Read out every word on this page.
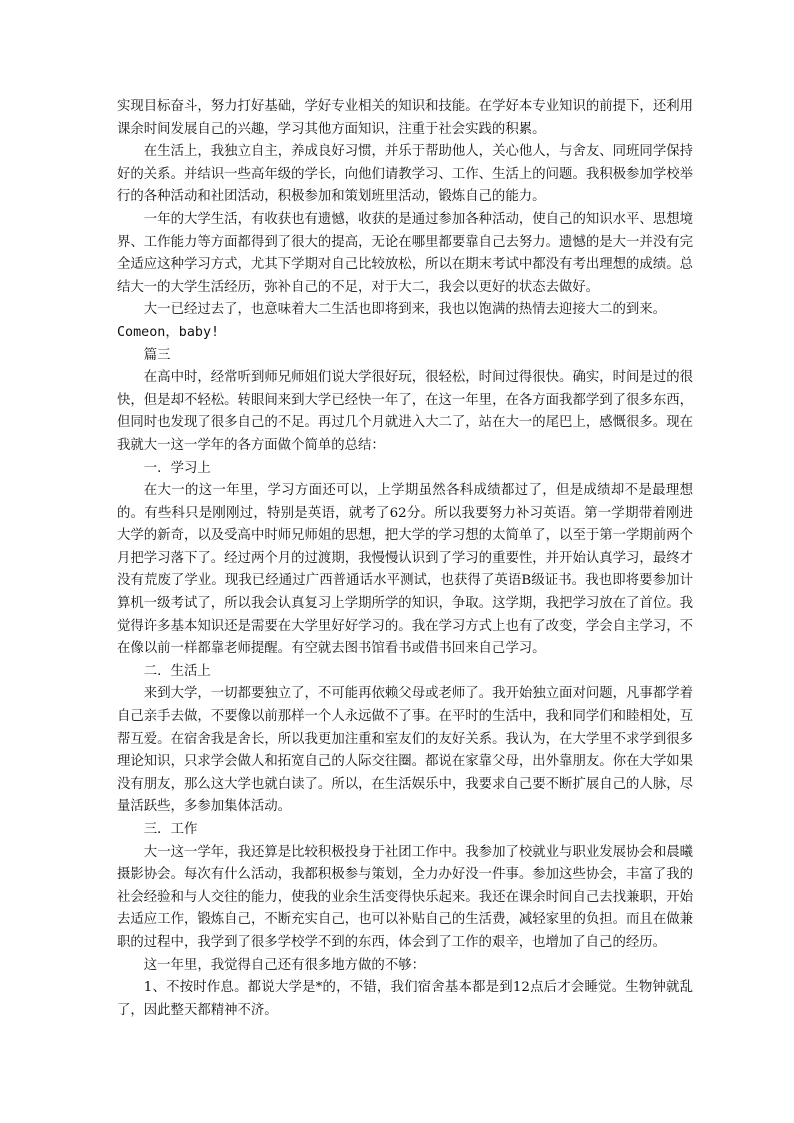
实现目标奋斗，努力打好基础，学好专业相关的知识和技能。在学好本专业知识的前提下，还利用课余时间发展自己的兴趣，学习其他方面知识，注重于社会实践的积累。

在生活上，我独立自主，养成良好习惯，并乐于帮助他人，关心他人，与舍友、同班同学保持好的关系。并结识一些高年级的学长，向他们请教学习、工作、生活上的问题。我积极参加学校举行的各种活动和社团活动，积极参加和策划班里活动，锻炼自己的能力。

一年的大学生活，有收获也有遗憾，收获的是通过参加各种活动，使自己的知识水平、思想境界、工作能力等方面都得到了很大的提高，无论在哪里都要靠自己去努力。遗憾的是大一并没有完全适应这种学习方式，尤其下学期对自己比较放松，所以在期末考试中都没有考出理想的成绩。总结大一的大学生活经历，弥补自己的不足，对于大二，我会以更好的状态去做好。

大一已经过去了，也意味着大二生活也即将到来，我也以饱满的热情去迎接大二的到来。

Comeon，baby!

篇三

在高中时，经常听到师兄师姐们说大学很好玩，很轻松，时间过得很快。确实，时间是过的很快，但是却不轻松。转眼间来到大学已经快一年了，在这一年里，在各方面我都学到了很多东西，但同时也发现了很多自己的不足。再过几个月就进入大二了，站在大一的尾巴上，感慨很多。现在我就大一这一学年的各方面做个简单的总结：

一．学习上

在大一的这一年里，学习方面还可以，上学期虽然各科成绩都过了，但是成绩却不是最理想的。有些科只是刚刚过，特别是英语，就考了62分。所以我要努力补习英语。第一学期带着刚进大学的新奇，以及受高中时师兄师姐的思想，把大学的学习想的太简单了，以至于第一学期前两个月把学习落下了。经过两个月的过渡期，我慢慢认识到了学习的重要性，并开始认真学习，最终才没有荒废了学业。现我已经通过广西普通话水平测试，也获得了英语B级证书。我也即将要参加计算机一级考试了，所以我会认真复习上学期所学的知识，争取。这学期，我把学习放在了首位。我觉得许多基本知识还是需要在大学里好好学习的。我在学习方式上也有了改变，学会自主学习，不在像以前一样都靠老师提醒。有空就去图书馆看书或借书回来自己学习。

二．生活上

来到大学，一切都要独立了，不可能再依赖父母或老师了。我开始独立面对问题，凡事都学着自己亲手去做，不要像以前那样一个人永远做不了事。在平时的生活中，我和同学们和睦相处，互帮互爱。在宿舍我是舍长，所以我更加注重和室友们的友好关系。我认为，在大学里不求学到很多理论知识，只求学会做人和拓宽自己的人际交往圈。都说在家靠父母，出外靠朋友。你在大学如果没有朋友，那么这大学也就白读了。所以，在生活娱乐中，我要求自己要不断扩展自己的人脉，尽量活跃些，多参加集体活动。

三．工作

大一这一学年，我还算是比较积极投身于社团工作中。我参加了校就业与职业发展协会和晨曦摄影协会。每次有什么活动，我都积极参与策划，全力办好没一件事。参加这些协会，丰富了我的社会经验和与人交往的能力，使我的业余生活变得快乐起来。我还在课余时间自己去找兼职，开始去适应工作，锻炼自己，不断充实自己，也可以补贴自己的生活费，减轻家里的负担。而且在做兼职的过程中，我学到了很多学校学不到的东西，体会到了工作的艰辛，也增加了自己的经历。

这一年里，我觉得自己还有很多地方做的不够：

1、不按时作息。都说大学是*的，不错，我们宿舍基本都是到12点后才会睡觉。生物钟就乱了，因此整天都精神不济。
